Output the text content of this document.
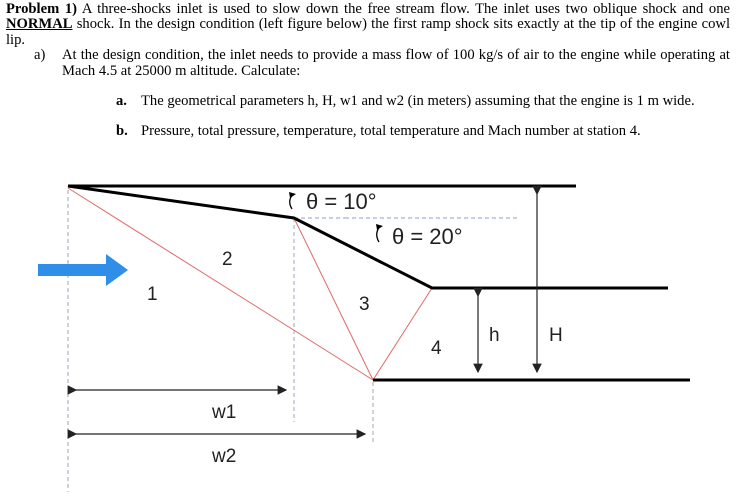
Problem 1) A three-shocks inlet is used to slow down the free stream flow. The inlet uses two oblique shock and one NORMAL shock. In the design condition (left figure below) the first ramp shock sits exactly at the tip of the engine cowl lip.

a) At the design condition, the inlet needs to provide a mass flow of 100 kg/s of air to the engine while operating at Mach 4.5 at 25000 m altitude. Calculate:

a. The geometrical parameters h, H, w1 and w2 (in meters) assuming that the engine is 1 m wide.

b. Pressure, total pressure, temperature, total temperature and Mach number at station 4.

θ = 10°
θ = 20°
2
1	3
4
h	H
w1
w2
